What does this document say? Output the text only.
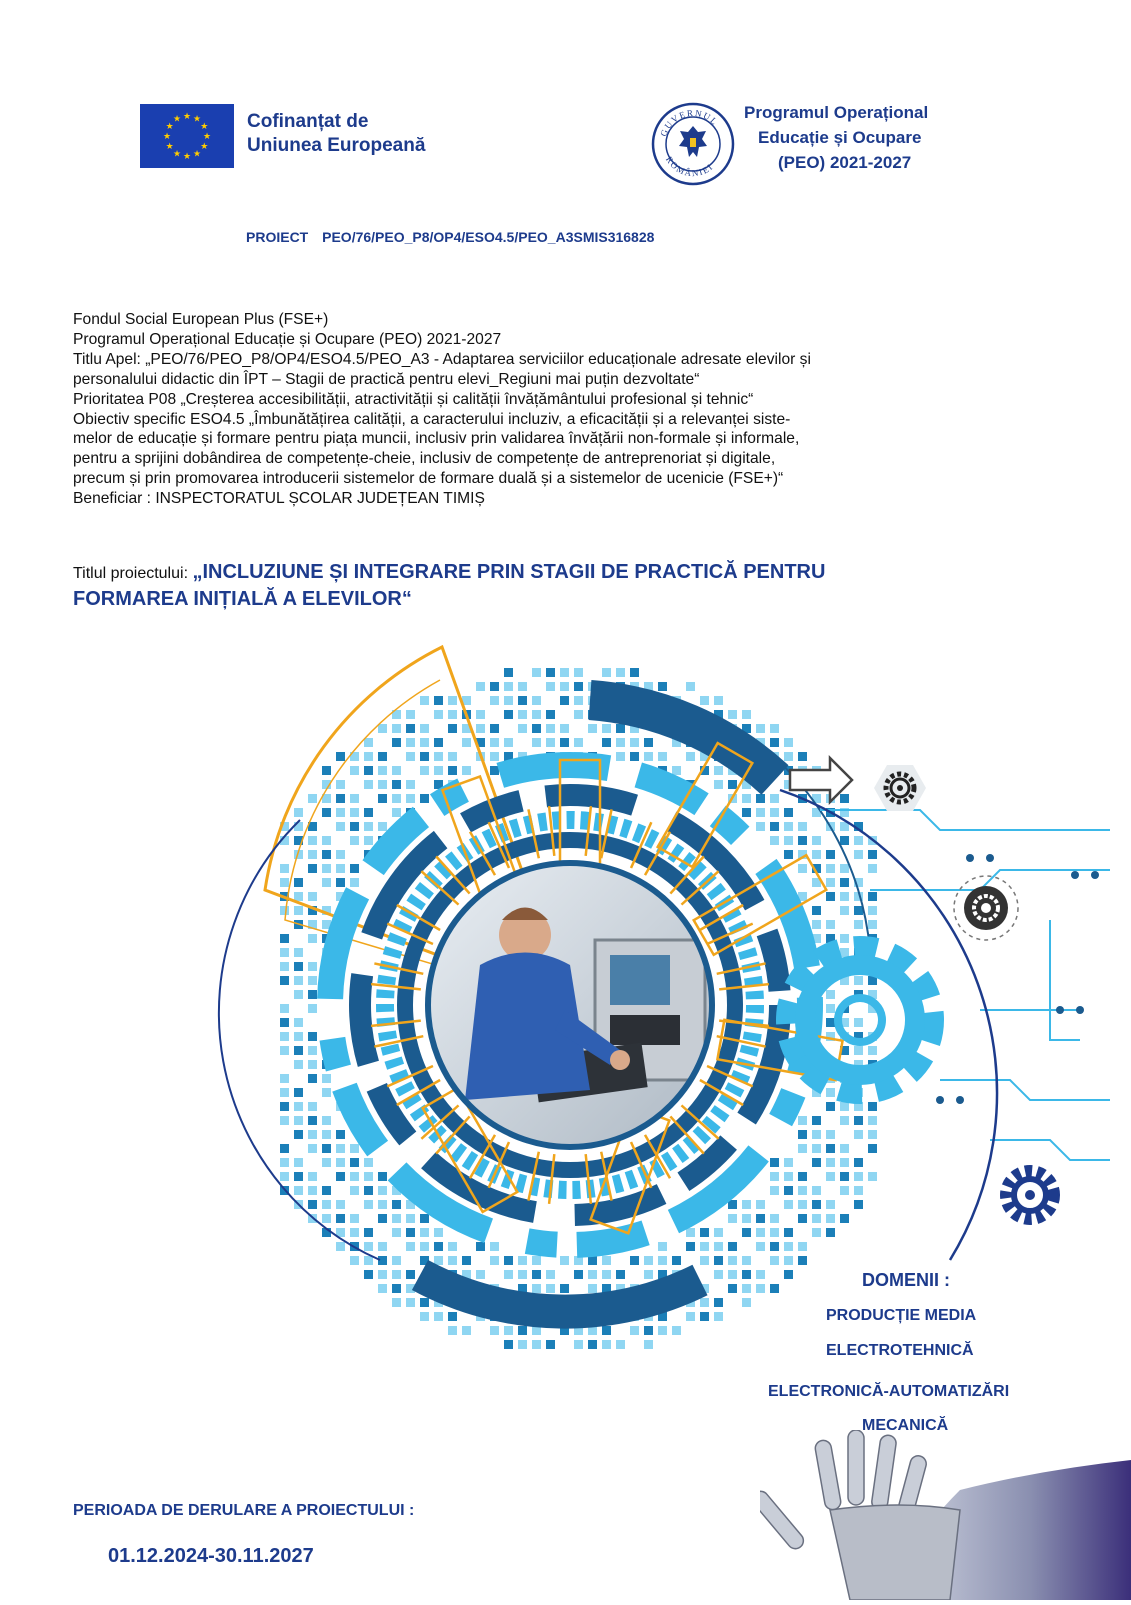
★ ★
★
★
★
★
★
★
★
★
★
★	Cofinanțat de
Uniunea Europeană
GUVERNUL
ROMÂNIEI
Programul Operațional
Educație și Ocupare
(PEO) 2021-2027
PROIECT PEO/76/PEO_P8/OP4/ESO4.5/PEO_A3SMIS316828
Fondul Social European Plus (FSE+)
Programul Operațional Educație și Ocupare (PEO) 2021-2027
Titlu Apel: „PEO/76/PEO_P8/OP4/ESO4.5/PEO_A3 - Adaptarea serviciilor educaționale adresate elevilor și
personalului didactic din ÎPT – Stagii de practică pentru elevi_Regiuni mai puțin dezvoltate“
Prioritatea P08 „Creșterea accesibilității, atractivității și calității învățământului profesional și tehnic“
Obiectiv specific ESO4.5 „Îmbunătățirea calității, a caracterului incluziv, a eficacității și a relevanței siste-
melor de educație și formare pentru piața muncii, inclusiv prin validarea învățării non-formale și informale,
pentru a sprijini dobândirea de competențe-cheie, inclusiv de competențe de antreprenoriat și digitale,
precum și prin promovarea introducerii sistemelor de formare duală și a sistemelor de ucenicie (FSE+)“
Beneficiar : INSPECTORATUL ȘCOLAR JUDEȚEAN TIMIȘ
Titlul proiectului: „INCLUZIUNE ȘI INTEGRARE PRIN STAGII DE PRACTICĂ PENTRU
FORMAREA INIȚIALĂ A ELEVILOR“
DOMENII :
PRODUCȚIE MEDIA
ELECTROTEHNICĂ
ELECTRONICĂ-AUTOMATIZĂRI
MECANICĂ
PERIOADA DE DERULARE A PROIECTULUI :
01.12.2024-30.11.2027
